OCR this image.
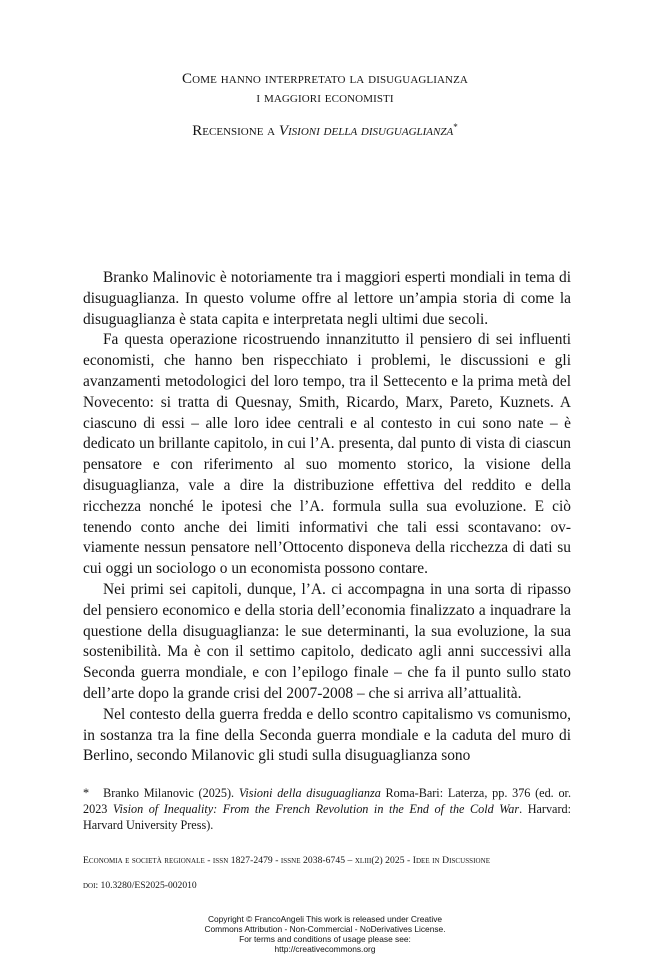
Come hanno interpretato la disuguaglianza
i maggiori economisti
Recensione a Visioni della disuguaglianza*

Branko Malinovic è notoriamente tra i maggiori esperti mondiali in tema di disuguaglianza. In questo volume offre al lettore un’ampia storia di come la disuguaglianza è stata capita e interpretata negli ultimi due secoli.

Fa questa operazione ricostruendo innanzitutto il pensiero di sei influenti economisti, che hanno ben rispecchiato i problemi, le discussioni e gli avanzamenti metodologici del loro tempo, tra il Settecento e la prima metà del Novecento: si tratta di Quesnay, Smith, Ricardo, Marx, Pareto, Kuznets. A ciascuno di essi – alle loro idee centrali e al contesto in cui sono nate – è dedicato un brillante capitolo, in cui l’A. presenta, dal punto di vista di ciascun pensatore e con riferimento al suo momento storico, la visione della disuguaglianza, vale a dire la distribuzione effettiva del reddito e della ricchezza nonché le ipotesi che l’A. formula sulla sua evoluzione. E ciò tenendo conto anche dei limiti informativi che tali essi scontavano: ovviamente nessun pensatore nell’Ottocento disponeva della ricchezza di dati su cui oggi un sociologo o un economista possono contare.

Nei primi sei capitoli, dunque, l’A. ci accompagna in una sorta di ripasso del pensiero economico e della storia dell’economia finalizzato a inquadrare la questione della disuguaglianza: le sue determinanti, la sua evoluzione, la sua sostenibilità. Ma è con il settimo capitolo, dedicato agli anni successivi alla Seconda guerra mondiale, e con l’epilogo finale – che fa il punto sullo stato dell’arte dopo la grande crisi del 2007-2008 – che si arriva all’attualità.

Nel contesto della guerra fredda e dello scontro capitalismo vs comunismo, in sostanza tra la fine della Seconda guerra mondiale e la caduta del muro di Berlino, secondo Milanovic gli studi sulla disuguaglianza sono

* Branko Milanovic (2025). Visioni della disuguaglianza Roma-Bari: Laterza, pp. 376 (ed. or. 2023 Vision of Inequality: From the French Revolution in the End of the Cold War. Harvard: Harvard University Press).
Economia e società regionale - issn 1827-2479 - issne 2038-6745 – xliii(2) 2025 - Idee in Discussione
doi: 10.3280/ES2025-002010
Copyright © FrancoAngeli This work is released under Creative
Commons Attribution - Non-Commercial - NoDerivatives License.
For terms and conditions of usage please see:
http://creativecommons.org
